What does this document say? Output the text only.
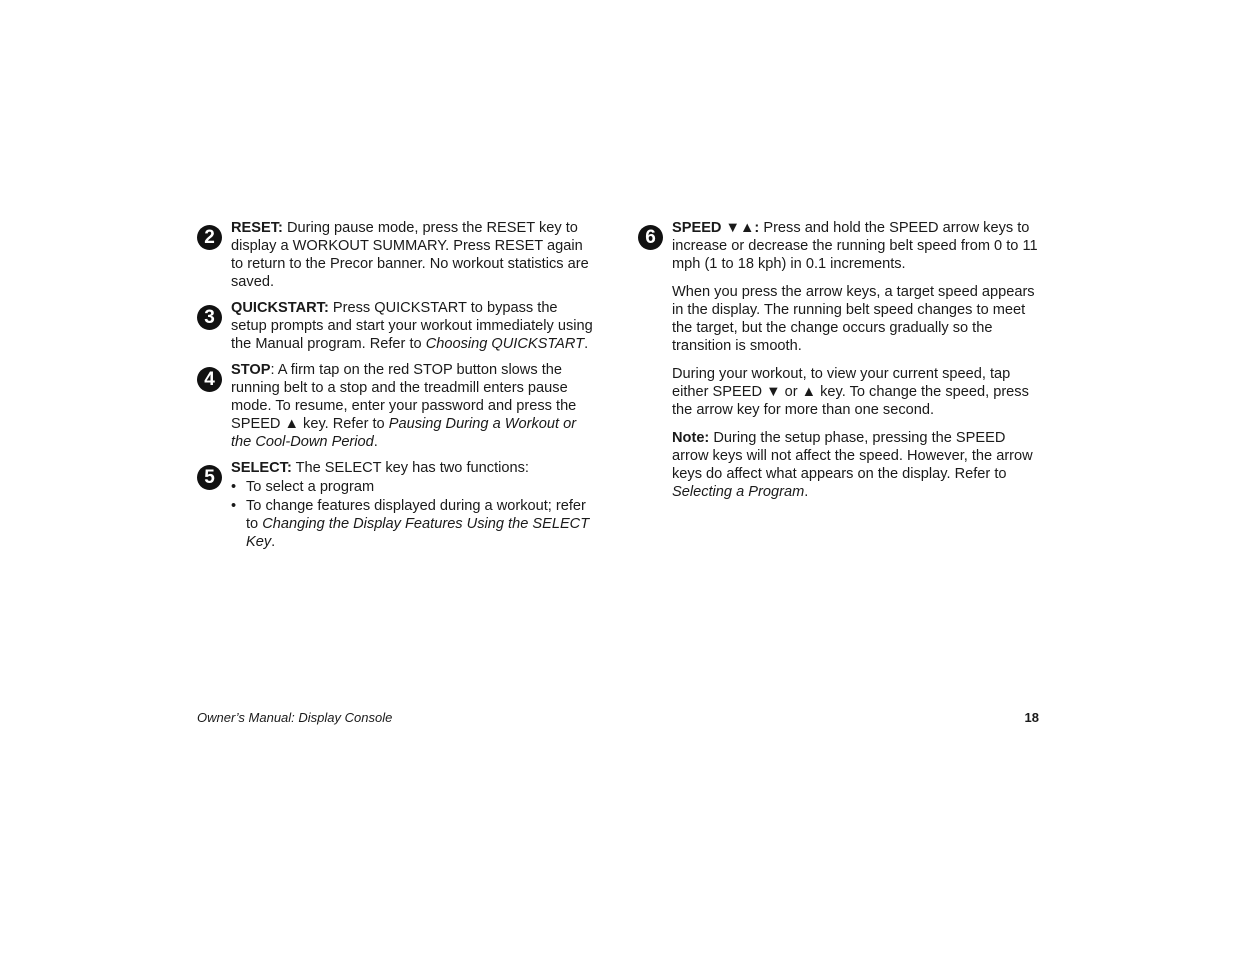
2	RESET: During pause mode, press the RESET key to display a WORKOUT SUMMARY. Press RESET again to return to the Precor banner. No workout statistics are saved.

3	QUICKSTART: Press QUICKSTART to bypass the setup prompts and start your workout immediately using the Manual program. Refer to Choosing QUICKSTART.

4	STOP: A firm tap on the red STOP button slows the running belt to a stop and the treadmill enters pause mode. To resume, enter your password and press the SPEED ▲ key. Refer to Pausing During a Workout or the Cool-Down Period.

5	SELECT: The SELECT key has two functions:

• To select a program
• To change features displayed during a workout; refer to Changing the Display Features Using the SELECT Key.
6	SPEED ▼▲: Press and hold the SPEED arrow keys to increase or decrease the running belt speed from 0 to 11 mph (1 to 18 kph) in 0.1 increments.

When you press the arrow keys, a target speed appears in the display. The running belt speed changes to meet the target, but the change occurs gradually so the transition is smooth.

During your workout, to view your current speed, tap either SPEED ▼ or ▲ key. To change the speed, press the arrow key for more than one second.

Note: During the setup phase, pressing the SPEED arrow keys will not affect the speed. However, the arrow keys do affect what appears on the display. Refer to Selecting a Program.

Owner’s Manual: Display Console	18
